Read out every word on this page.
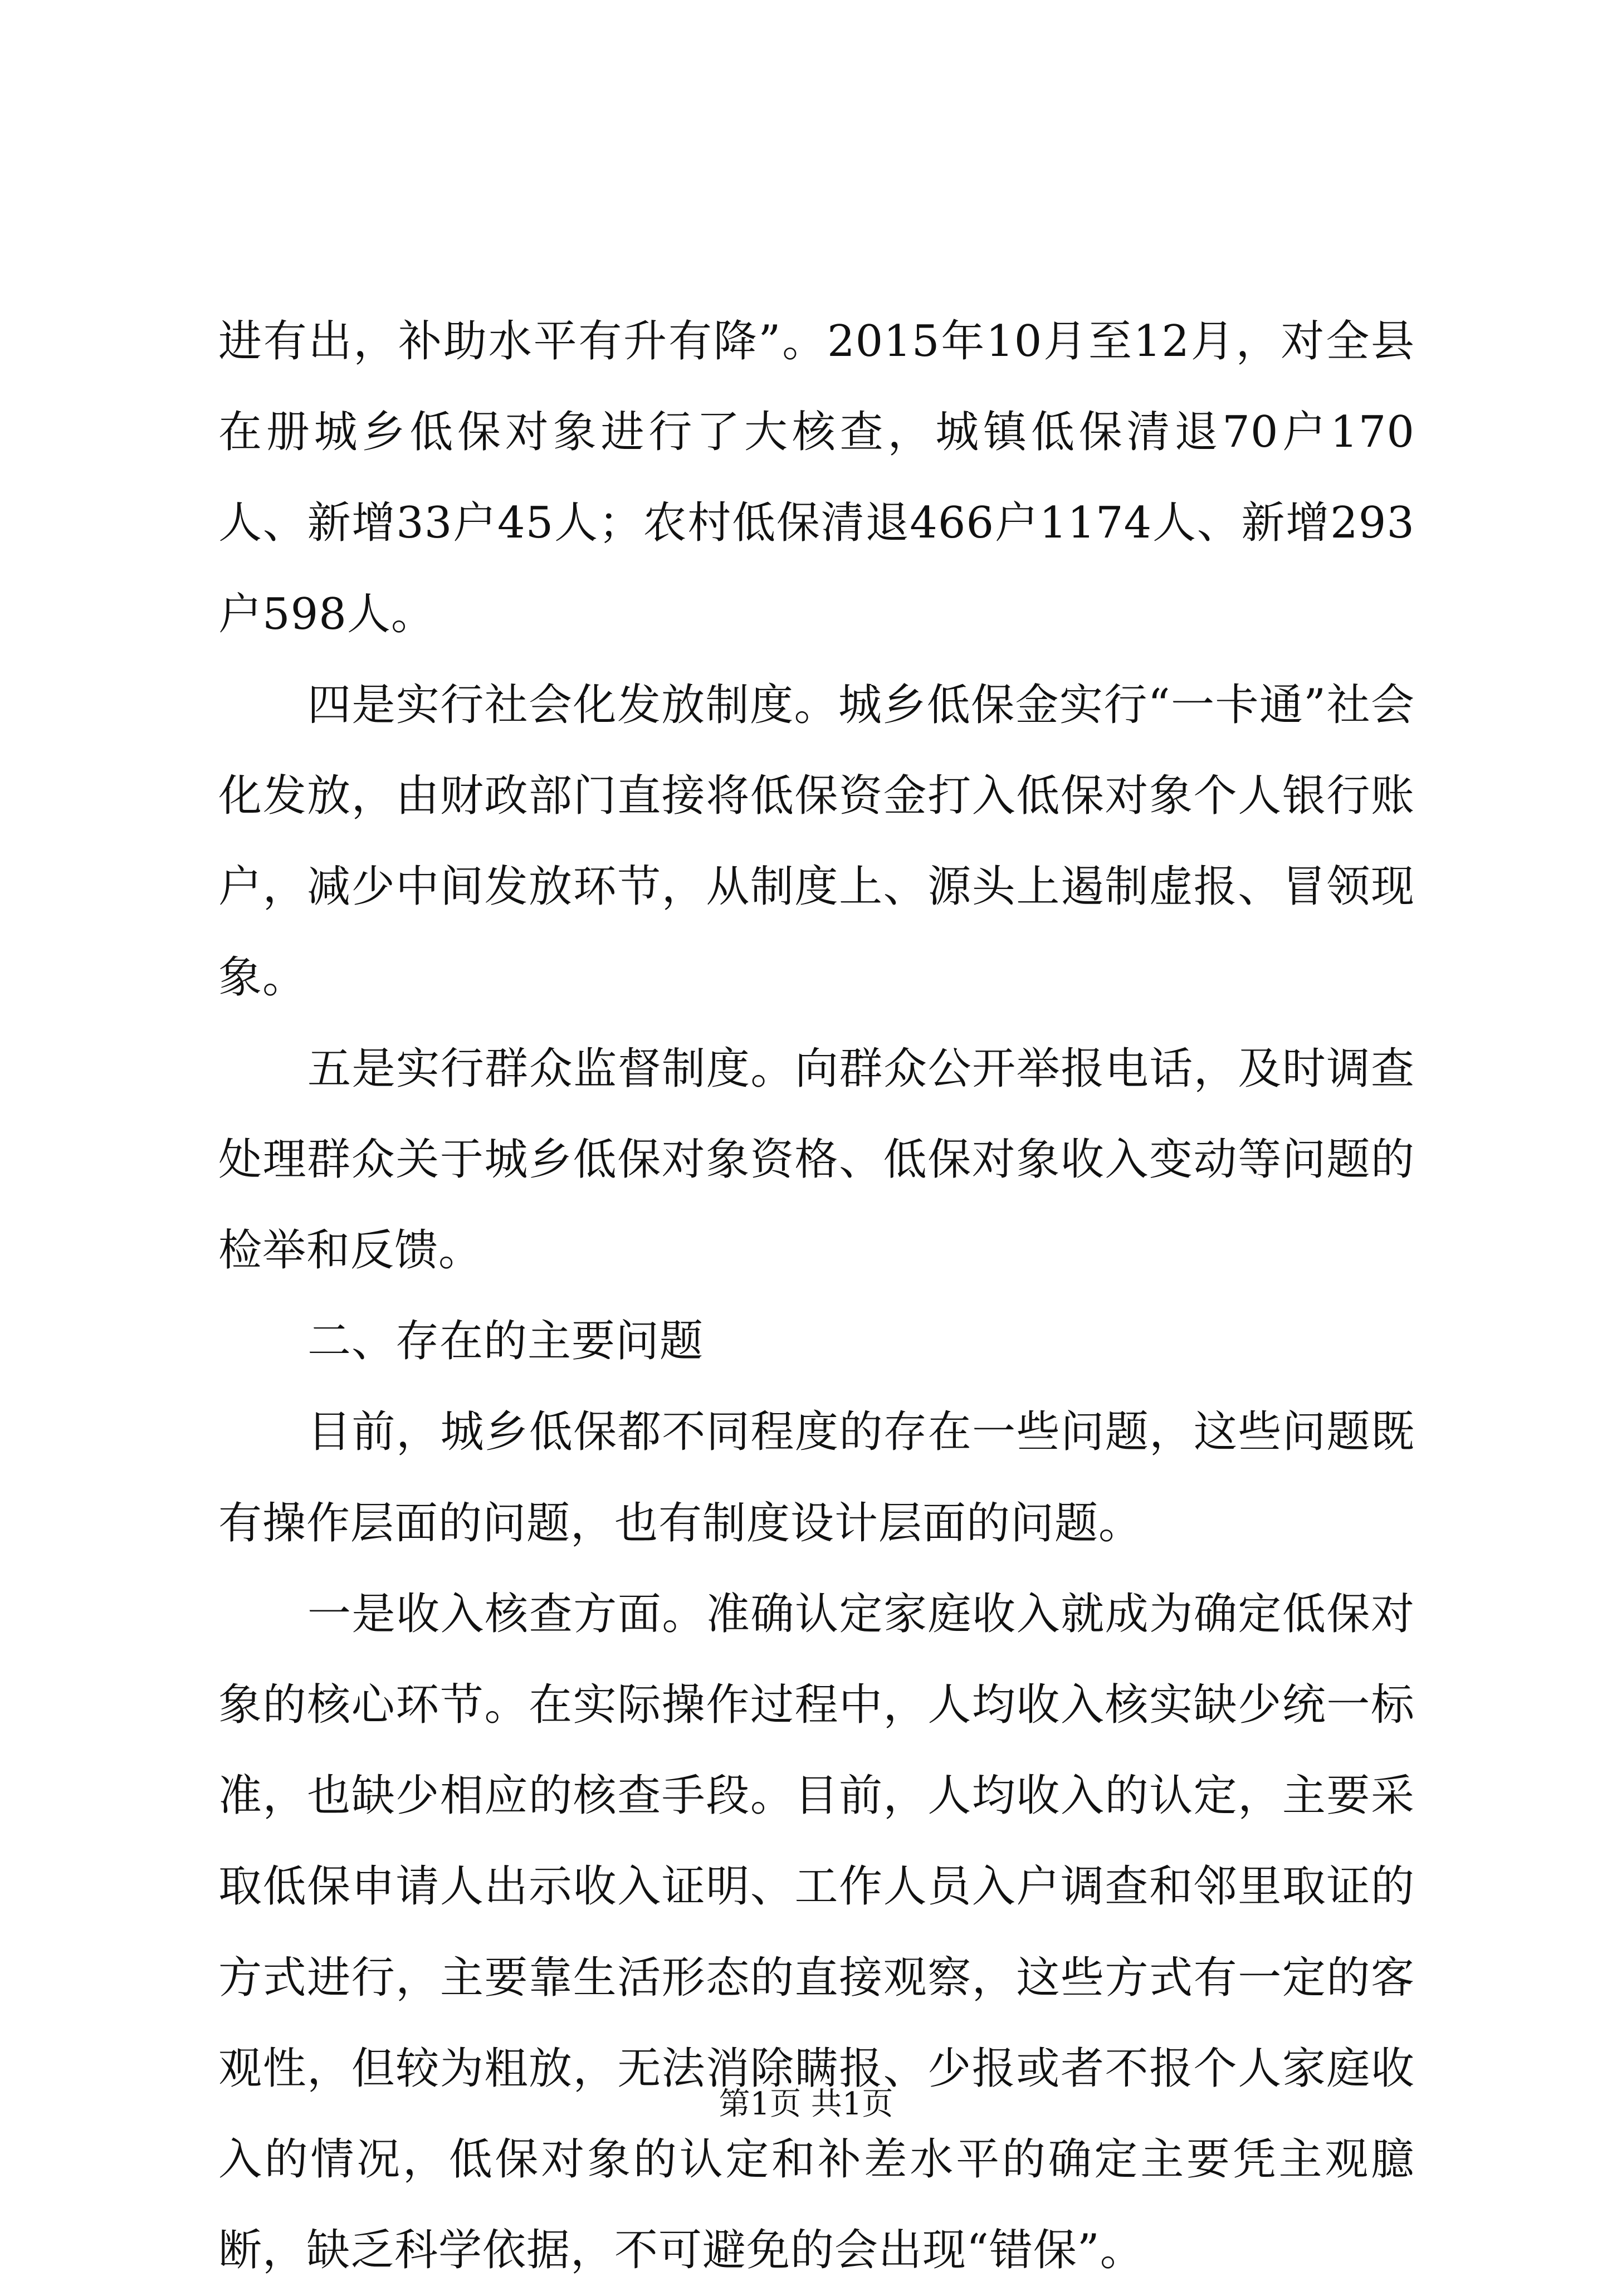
进有出，补助水平有升有降”。2015年10月至12月，对全县在册城乡低保对象进行了大核查，城镇低保清退70户170人、新增33户45人；农村低保清退466户1174人、新增293户598人。

四是实行社会化发放制度。城乡低保金实行“一卡通”社会化发放，由财政部门直接将低保资金打入低保对象个人银行账户，减少中间发放环节，从制度上、源头上遏制虚报、冒领现象。

五是实行群众监督制度。向群众公开举报电话，及时调查处理群众关于城乡低保对象资格、低保对象收入变动等问题的检举和反馈。

二、存在的主要问题

目前，城乡低保都不同程度的存在一些问题，这些问题既有操作层面的问题，也有制度设计层面的问题。

一是收入核查方面。准确认定家庭收入就成为确定低保对象的核心环节。在实际操作过程中，人均收入核实缺少统一标准，也缺少相应的核查手段。目前，人均收入的认定，主要采取低保申请人出示收入证明、工作人员入户调查和邻里取证的方式进行，主要靠生活形态的直接观察，这些方式有一定的客观性，但较为粗放，无法消除瞒报、少报或者不报个人家庭收入的情况，低保对象的认定和补差水平的确定主要凭主观臆断，缺乏科学依据，不可避免的会出现“错保”。

第1页 共1页
